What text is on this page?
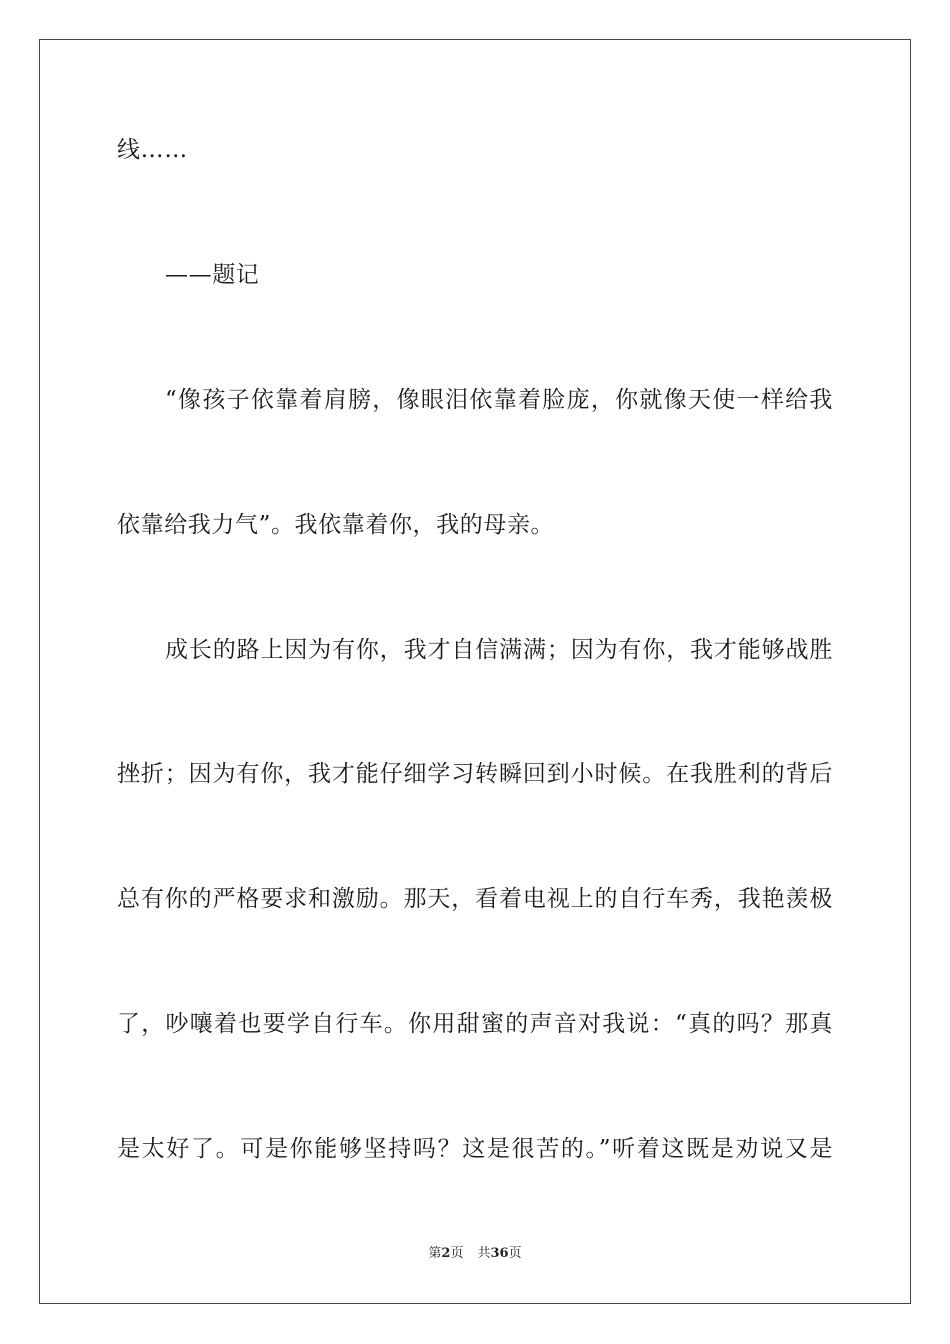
线……
——题记
“像孩子依靠着肩膀，像眼泪依靠着脸庞，你就像天使一样给我
依靠给我力气”。我依靠着你，我的母亲。
成长的路上因为有你，我才自信满满；因为有你，我才能够战胜
挫折；因为有你，我才能仔细学习转瞬回到小时候。在我胜利的背后
总有你的严格要求和激励。那天，看着电视上的自行车秀，我艳羡极
了，吵嚷着也要学自行车。你用甜蜜的声音对我说：“真的吗？那真
是太好了。可是你能够坚持吗？这是很苦的。”听着这既是劝说又是
第2页 共36页
